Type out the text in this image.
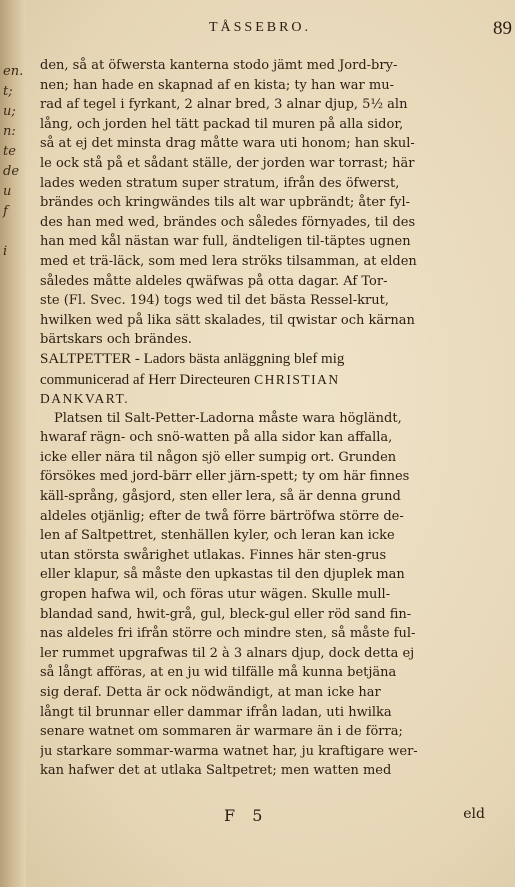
en.
t;
u;
n:
te
de
u
f
i
TÅSSEBRO.	89
den, så at öfwersta kanterna stodo jämt med Jord-bry-
nen; han hade en skapnad af en kista; ty han war mu-
rad af tegel i fyrkant, 2 alnar bred, 3 alnar djup, 5½ aln
lång, och jorden hel tätt packad til muren på alla sidor,
så at ej det minsta drag måtte wara uti honom; han skul-
le ock stå på et sådant ställe, der jorden war torrast; här
lades weden stratum super stratum, ifrån des öfwerst,
brändes och kringwändes tils alt war upbrändt; åter fyl-
des han med wed, brändes och således förnyades, til des
han med kål nästan war full, ändteligen til-täptes ugnen
med et trä-läck, som med lera ströks tilsamman, at elden
således måtte aldeles qwäfwas på otta dagar. Af Tor-
ste (Fl. Svec. 194) togs wed til det bästa Ressel-krut,
hwilken wed på lika sätt skalades, til qwistar och kärnan
bärtskars och brändes.
SALTPETTER - Ladors bästa anläggning blef mig
communicerad af Herr Directeuren CHRISTIAN
DANKVART.
Platsen til Salt-Petter-Ladorna måste wara högländt,
hwaraf rägn- och snö-watten på alla sidor kan affalla,
icke eller nära til någon sjö eller sumpig ort. Grunden
försökes med jord-bärr eller järn-spett; ty om här finnes
käll-språng, gåsjord, sten eller lera, så är denna grund
aldeles otjänlig; efter de twå förre bärtröfwa större de-
len af Saltpettret, stenhällen kyler, och leran kan icke
utan största swårighet utlakas. Finnes här sten-grus
eller klapur, så måste den upkastas til den djuplek man
gropen hafwa wil, och föras utur wägen. Skulle mull-
blandad sand, hwit-grå, gul, bleck-gul eller röd sand fin-
nas aldeles fri ifrån större och mindre sten, så måste ful-
ler rummet upgrafwas til 2 à 3 alnars djup, dock detta ej
så långt afföras, at en ju wid tilfälle må kunna betjäna
sig deraf. Detta är ock nödwändigt, at man icke har
långt til brunnar eller dammar ifrån ladan, uti hwilka
senare watnet om sommaren är warmare än i de förra;
ju starkare sommar-warma watnet har, ju kraftigare wer-
kan hafwer det at utlaka Saltpetret; men watten med
F 5	eld
